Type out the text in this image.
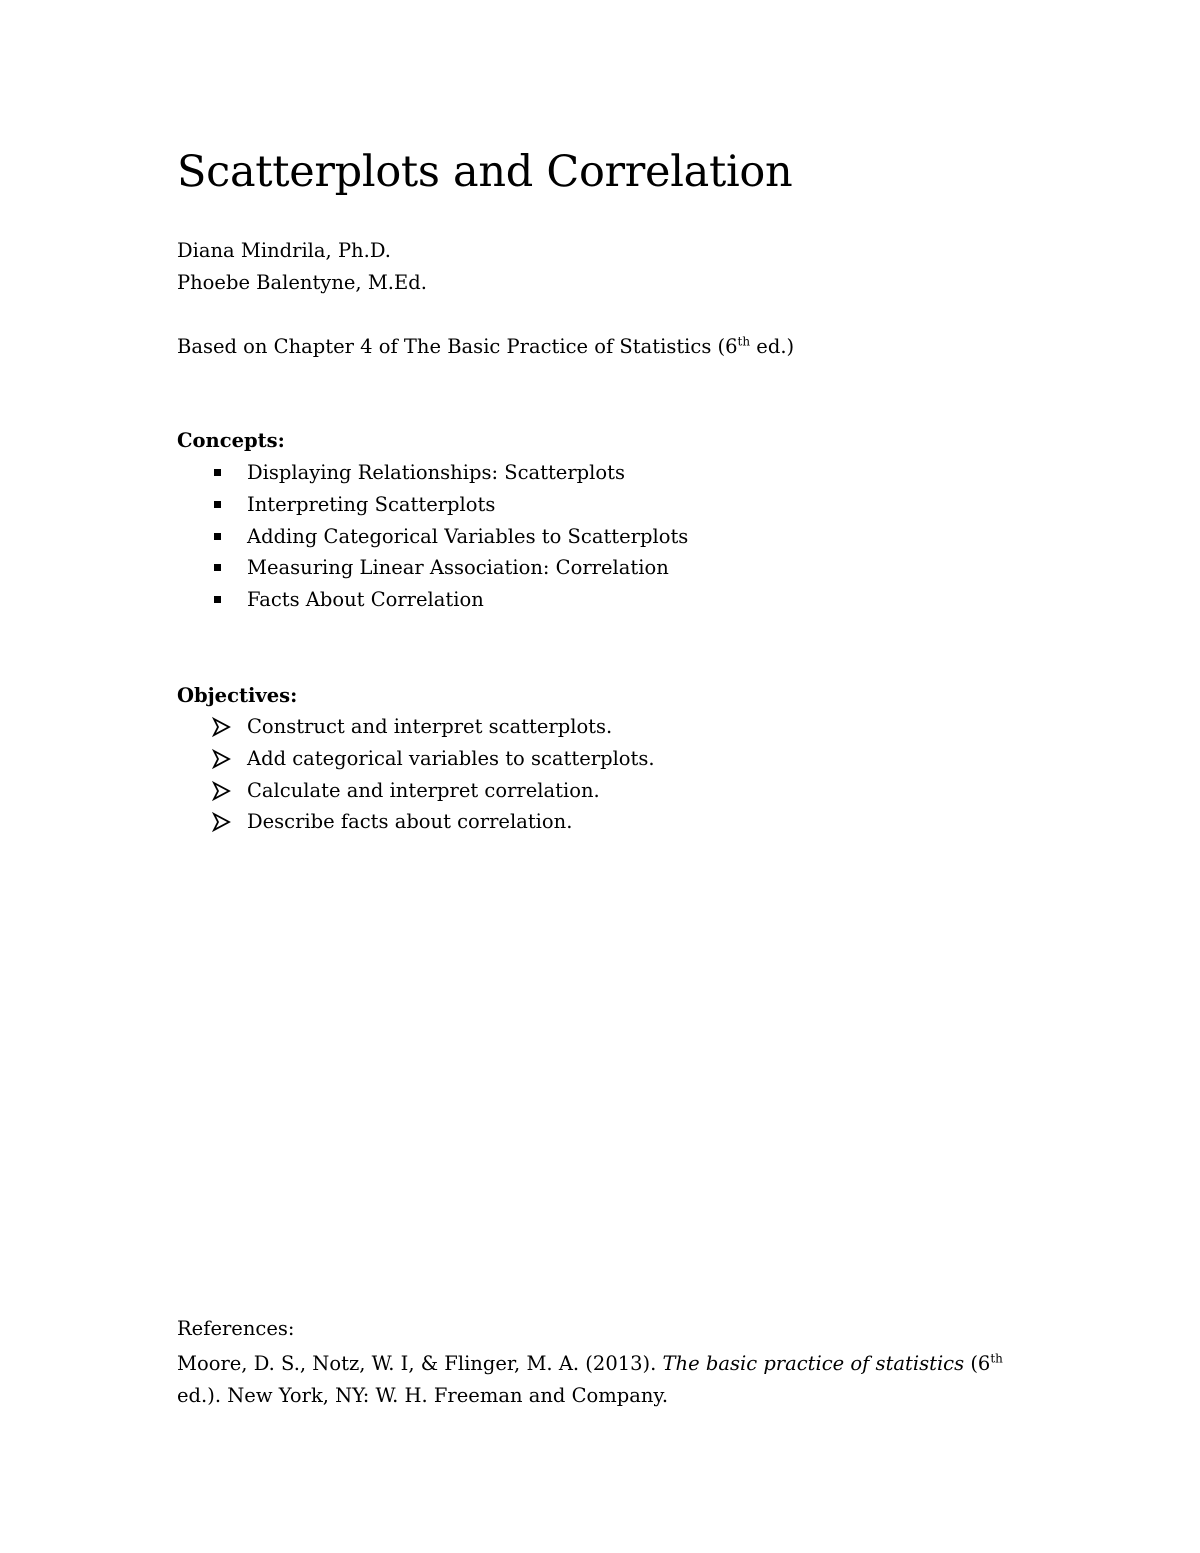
Scatterplots and Correlation

Diana Mindrila, Ph.D.

Phoebe Balentyne, M.Ed.

Based on Chapter 4 of The Basic Practice of Statistics (6th ed.)

Concepts:

Displaying Relationships: Scatterplots
Interpreting Scatterplots
Adding Categorical Variables to Scatterplots
Measuring Linear Association: Correlation
Facts About Correlation

Objectives:

Construct and interpret scatterplots.
Add categorical variables to scatterplots.
Calculate and interpret correlation.
Describe facts about correlation.

References:

Moore, D. S., Notz, W. I, & Flinger, M. A. (2013). The basic practice of statistics (6th ed.). New York, NY: W. H. Freeman and Company.
